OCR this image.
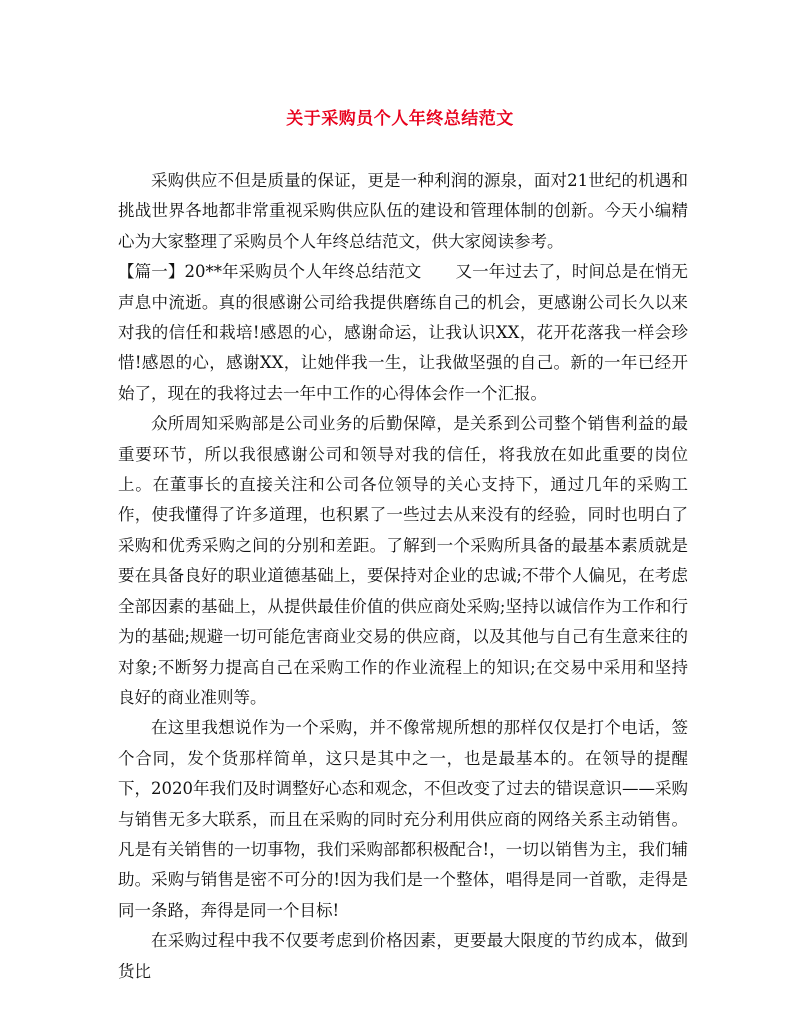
关于采购员个人年终总结范文

采购供应不但是质量的保证，更是一种利润的源泉，面对21世纪的机遇和挑战世界各地都非常重视采购供应队伍的建设和管理体制的创新。今天小编精心为大家整理了采购员个人年终总结范文，供大家阅读参考。

【篇一】20**年采购员个人年终总结范文 又一年过去了，时间总是在悄无声息中流逝。真的很感谢公司给我提供磨练自己的机会，更感谢公司长久以来对我的信任和栽培!感恩的心，感谢命运，让我认识XX，花开花落我一样会珍惜!感恩的心，感谢XX，让她伴我一生，让我做坚强的自己。新的一年已经开始了，现在的我将过去一年中工作的心得体会作一个汇报。

众所周知采购部是公司业务的后勤保障，是关系到公司整个销售利益的最重要环节，所以我很感谢公司和领导对我的信任，将我放在如此重要的岗位上。在董事长的直接关注和公司各位领导的关心支持下，通过几年的采购工作，使我懂得了许多道理，也积累了一些过去从来没有的经验，同时也明白了采购和优秀采购之间的分别和差距。了解到一个采购所具备的最基本素质就是要在具备良好的职业道德基础上，要保持对企业的忠诚;不带个人偏见，在考虑全部因素的基础上，从提供最佳价值的供应商处采购;坚持以诚信作为工作和行为的基础;规避一切可能危害商业交易的供应商，以及其他与自己有生意来往的对象;不断努力提高自己在采购工作的作业流程上的知识;在交易中采用和坚持良好的商业准则等。

在这里我想说作为一个采购，并不像常规所想的那样仅仅是打个电话，签个合同，发个货那样简单，这只是其中之一，也是最基本的。在领导的提醒下，2020年我们及时调整好心态和观念，不但改变了过去的错误意识——采购与销售无多大联系，而且在采购的同时充分利用供应商的网络关系主动销售。凡是有关销售的一切事物，我们采购部都积极配合!，一切以销售为主，我们辅助。采购与销售是密不可分的!因为我们是一个整体，唱得是同一首歌，走得是同一条路，奔得是同一个目标!

在采购过程中我不仅要考虑到价格因素，更要最大限度的节约成本，做到货比
